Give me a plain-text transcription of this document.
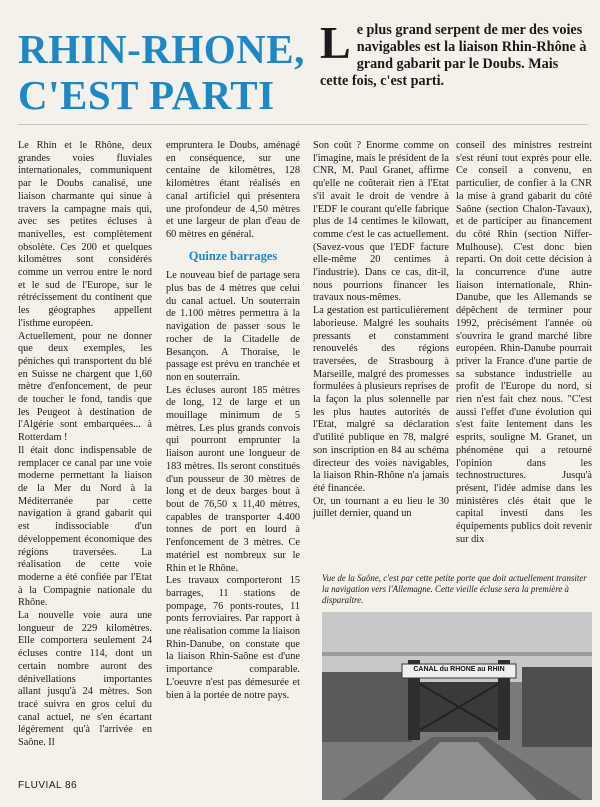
RHIN-RHONE,
C'EST PARTI

Le plus grand serpent de mer des voies navigables est la liaison Rhin-Rhône à grand gabarit par le Doubs. Mais cette fois, c'est parti.

Le Rhin et le Rhône, deux grandes voies fluviales internationales, communiquent par le Doubs canalisé, une liaison charmante qui sinue à travers la campagne mais qui, avec ses petites écluses à manivelles, est complètement obsolète. Ces 200 et quelques kilomètres sont considérés comme un verrou entre le nord et le sud de l'Europe, sur le rétrécissement du continent que les géographes appellent l'isthme européen.

Actuellement, pour ne donner que deux exemples, les péniches qui transportent du blé en Suisse ne chargent que 1,60 mètre d'enfoncement, de peur de toucher le fond, tandis que les Peugeot à destination de l'Algérie sont embarquées... à Rotterdam !

Il était donc indispensable de remplacer ce canal par une voie moderne permettant la liaison de la Mer du Nord à la Méditerranée par cette navigation à grand gabarit qui est indissociable d'un développement économique des régions traversées. La réalisation de cette voie moderne a été confiée par l'Etat à la Compagnie nationale du Rhône.

La nouvelle voie aura une longueur de 229 kilomètres. Elle comportera seulement 24 écluses contre 114, dont un certain nombre auront des dénivellations importantes allant jusqu'à 24 mètres. Son tracé suivra en gros celui du canal actuel, ne s'en écartant légèrement qu'à l'arrivée en Saône. Il

empruntera le Doubs, aménagé en conséquence, sur une centaine de kilomètres, 128 kilomètres étant réalisés en canal artificiel qui présentera une profondeur de 4,50 mètres et une largeur de plan d'eau de 60 mètres en général.

Quinze barrages

Le nouveau bief de partage sera plus bas de 4 mètres que celui du canal actuel. Un souterrain de 1.100 mètres permettra à la navigation de passer sous le rocher de la Citadelle de Besançon. A Thoraise, le passage est prévu en tranchée et non en souterrain.

Les écluses auront 185 mètres de long, 12 de large et un mouillage minimum de 5 mètres. Les plus grands convois qui pourront emprunter la liaison auront une longueur de 183 mètres. Ils seront constitués d'un pousseur de 30 mètres de long et de deux barges bout à bout de 76,50 x 11,40 mètres, capables de transporter 4.400 tonnes de port en lourd à l'enfoncement de 3 mètres. Ce matériel est nombreux sur le Rhin et le Rhône.

Les travaux comporteront 15 barrages, 11 stations de pompage, 76 ponts-routes, 11 ponts ferroviaires. Par rapport à une réalisation comme la liaison Rhin-Danube, on constate que la liaison Rhin-Saône est d'une importance comparable. L'oeuvre n'est pas démesurée et bien à la portée de notre pays.

Son coût ? Enorme comme on l'imagine, mais le président de la CNR, M. Paul Granet, affirme qu'elle ne coûterait rien à l'Etat s'il avait le droit de vendre à l'EDF le courant qu'elle fabrique plus de 14 centimes le kilowatt, comme c'est le cas actuellement. (Savez-vous que l'EDF facture elle-même 20 centimes à l'industrie). Dans ce cas, dit-il, nous pourrions financer les travaux nous-mêmes.

La gestation est particulièrement laborieuse. Malgré les souhaits pressants et constamment renouvelés des régions traversées, de Strasbourg à Marseille, malgré des promesses formulées à plusieurs reprises de la façon la plus solennelle par les plus hautes autorités de l'Etat, malgré sa déclaration d'utilité publique en 78, malgré son inscription en 84 au schéma directeur des voies navigables, la liaison Rhin-Rhône n'a jamais été financée.

Or, un tournant a eu lieu le 30 juillet dernier, quand un

conseil des ministres restreint s'est réuni tout exprès pour elle. Ce conseil a convenu, en particulier, de confier à la CNR la mise à grand gabarit du côté Saône (section Chalon-Tavaux), et de participer au financement du côté Rhin (section Niffer-Mulhouse). C'est donc bien reparti. On doit cette décision à la concurrence d'une autre liaison internationale, Rhin-Danube, que les Allemands se dépêchent de terminer pour 1992, précisément l'année où s'ouvrira le grand marché libre européen. Rhin-Danube pourrait priver la France d'une partie de sa substance industrielle au profit de l'Europe du nord, si rien n'est fait chez nous. "C'est aussi l'effet d'une évolution qui s'est faite lentement dans les esprits, souligne M. Granet, un phénomène qui a retourné l'opinion dans les technostructures. Jusqu'à présent, l'idée admise dans les ministères clés était que le capital investi dans les équipements publics doit revenir sur dix

Vue de la Saône, c'est par cette petite porte que doit actuellement transiter la navigation vers l'Allemagne. Cette vieille écluse sera la première à disparaître.
CANAL du RHONE au RHIN
FLUVIAL 86
